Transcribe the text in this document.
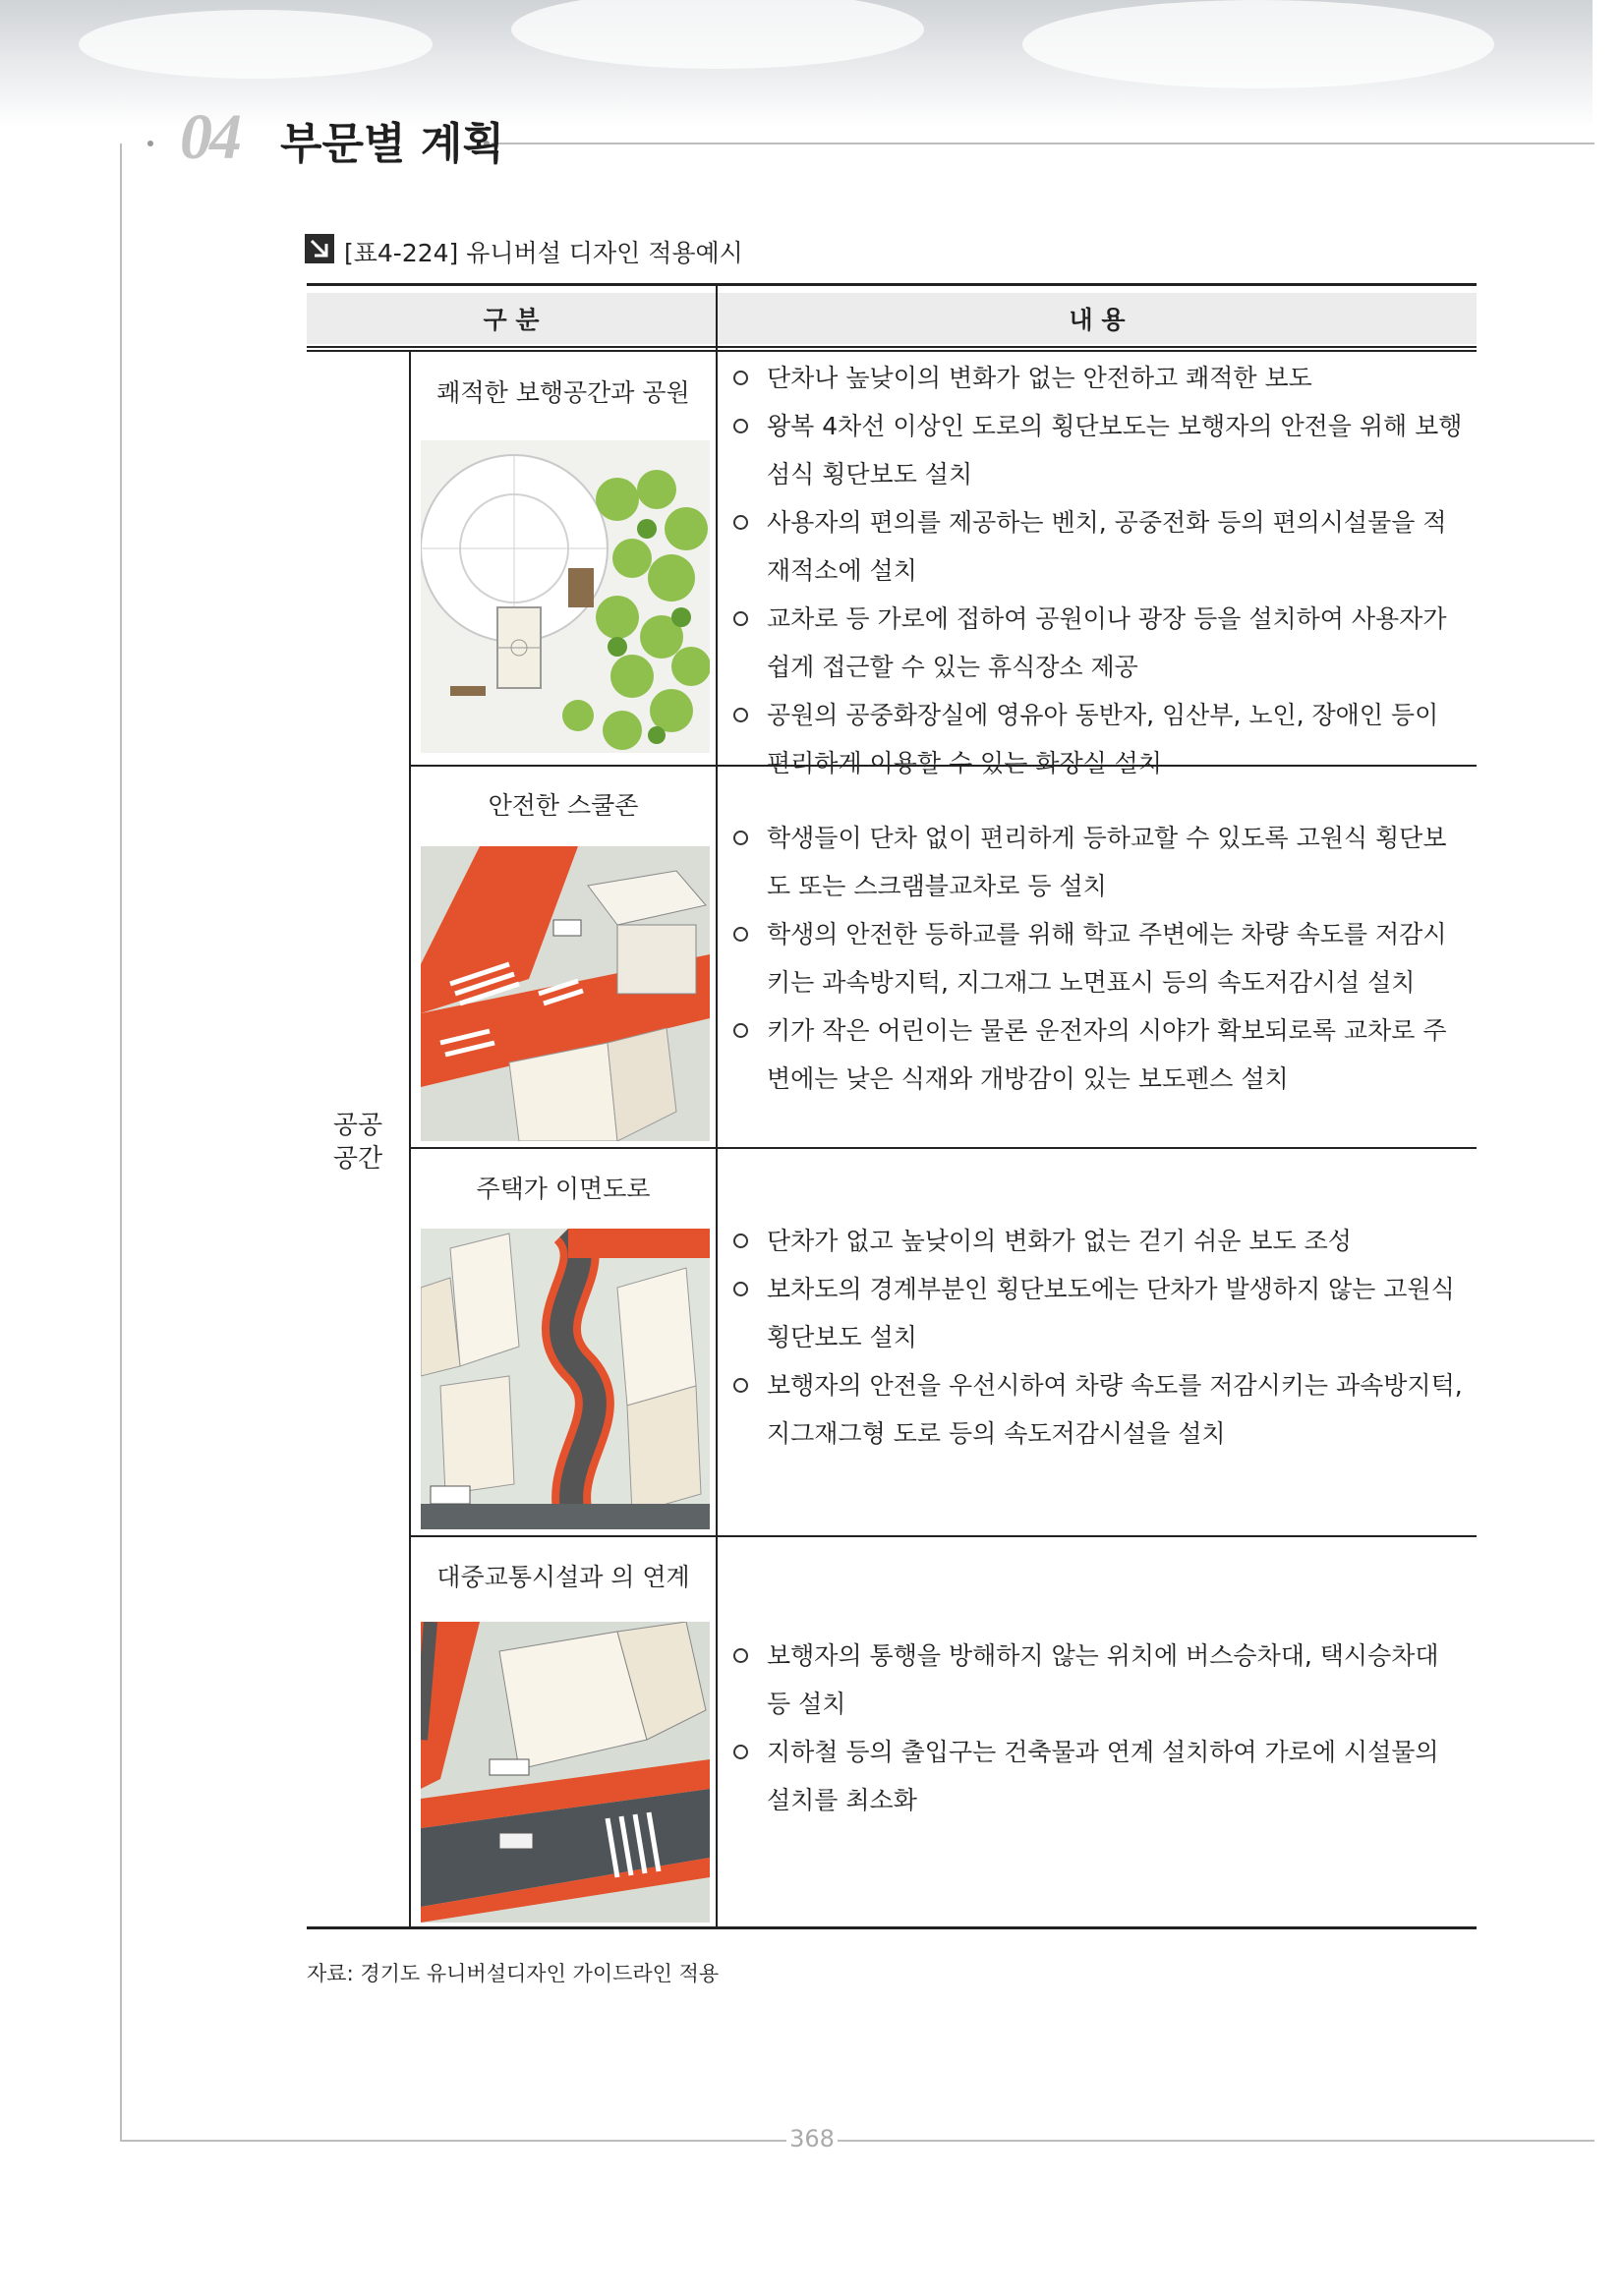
04 부문별 계획
[표4-224] 유니버설 디자인 적용예시
구 분	내 용
공공
공간
쾌적한 보행공간과 공원
단차나 높낮이의 변화가 없는 안전하고 쾌적한 보도
왕복 4차선 이상인 도로의 횡단보도는 보행자의 안전을 위해 보행섬식 횡단보도 설치
사용자의 편의를 제공하는 벤치, 공중전화 등의 편의시설물을 적재적소에 설치
교차로 등 가로에 접하여 공원이나 광장 등을 설치하여 사용자가 쉽게 접근할 수 있는 휴식장소 제공
공원의 공중화장실에 영유아 동반자, 임산부, 노인, 장애인 등이 편리하게 이용할 수 있는 화장실 설치
안전한 스쿨존
학생들이 단차 없이 편리하게 등하교할 수 있도록 고원식 횡단보도 또는 스크램블교차로 등 설치
학생의 안전한 등하교를 위해 학교 주변에는 차량 속도를 저감시키는 과속방지턱, 지그재그 노면표시 등의 속도저감시설 설치
키가 작은 어린이는 물론 운전자의 시야가 확보되로록 교차로 주변에는 낮은 식재와 개방감이 있는 보도펜스 설치
주택가 이면도로
단차가 없고 높낮이의 변화가 없는 걷기 쉬운 보도 조성
보차도의 경계부분인 횡단보도에는 단차가 발생하지 않는 고원식 횡단보도 설치
보행자의 안전을 우선시하여 차량 속도를 저감시키는 과속방지턱, 지그재그형 도로 등의 속도저감시설을 설치
대중교통시설과 의 연계
보행자의 통행을 방해하지 않는 위치에 버스승차대, 택시승차대 등 설치
지하철 등의 출입구는 건축물과 연계 설치하여 가로에 시설물의 설치를 최소화
자료: 경기도 유니버설디자인 가이드라인 적용
368
